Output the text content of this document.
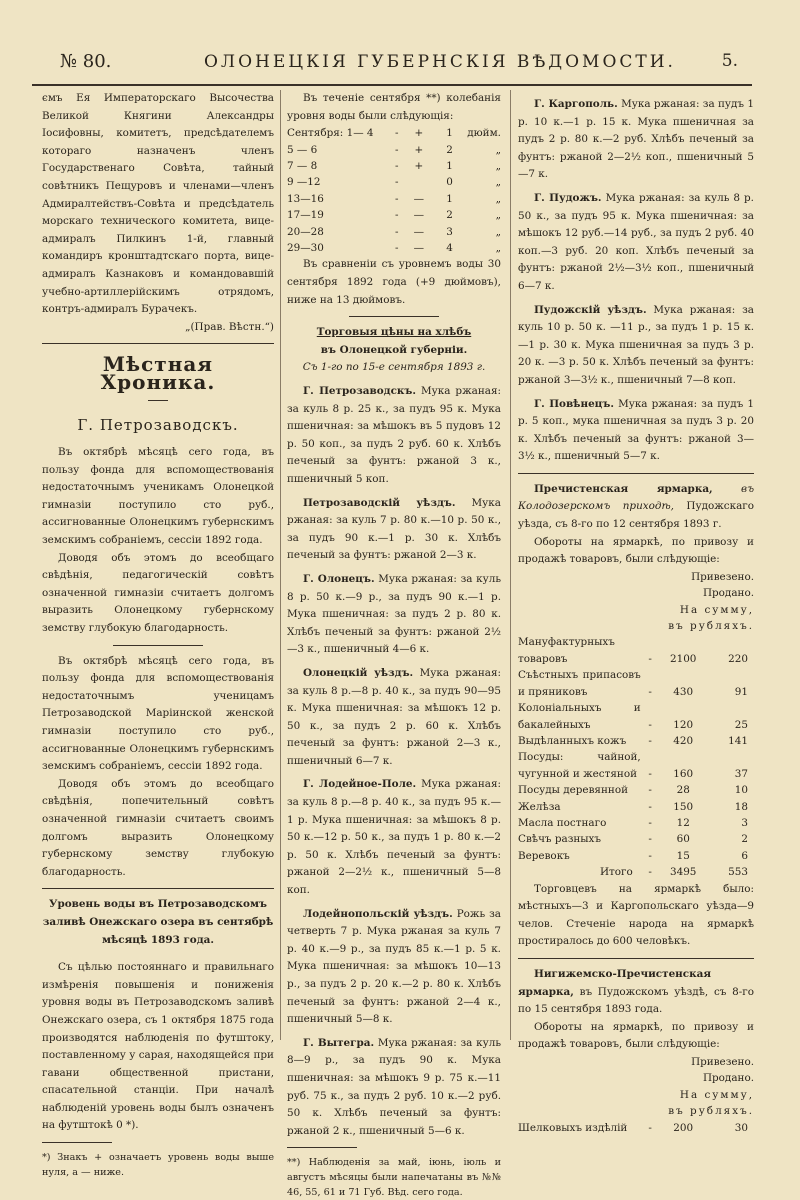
№ 80.	ОЛОНЕЦКІЯ ГУБЕРНСКІЯ ВѢДОМОСТИ.	5.

ємъ Ея Императорскаго Высочества Великой Княгини Александры Іосифовны, комитетъ, предсѣдателемъ котораго назначенъ членъ Государственаго Совѣта, тайный совѣтникъ Пещуровъ и членами—членъ Адмиралтействъ-Совѣта и предсѣдатель морскаго технического комитета, вице-адмиралъ Пилкинъ 1-й, главный командиръ кронштадтскаго порта, вице-адмиралъ Казнаковъ и командовавшій учебно-артиллерійскимъ отрядомъ, контръ-адмиралъ Бурачекъ.

„(Прав. Вѣстн.“)
Мѣстная Хроника.
Г. Петрозаводскъ.

Въ октябрѣ мѣсяцѣ сего года, въ пользу фонда для вспомоществованія недостаточнымъ ученикамъ Олонецкой гимназіи поступило сто руб., ассигнованные Олонецкимъ губернскимъ земскимъ собраніемъ, сессіи 1892 года.

Доводя объ этомъ до всеобщаго свѣдѣнія, педагогическій совѣтъ означенной гимназіи считаетъ долгомъ выразить Олонецкому губернскому земству глубокую благодарность.

Въ октябрѣ мѣсяцѣ сего года, въ пользу фонда для вспомоществованія недостаточнымъ ученицамъ Петрозаводской Маріинской женской гимназіи поступило сто руб., ассигнованные Олонецкимъ губернскимъ земскимъ собраніемъ, сессіи 1892 года.

Доводя объ этомъ до всеобщаго свѣдѣнія, попечительный совѣтъ означенной гимназіи считаетъ своимъ долгомъ выразить Олонецкому губернскому земству глубокую благодарность.

Уровень воды въ Петрозаводскомъ заливѣ Онежскаго озера въ сентябрѣ мѣсяцѣ 1893 года.

Съ цѣлью постояннаго и правильнаго измѣренія повышенія и пониженія уровня воды въ Петрозаводскомъ заливѣ Онежскаго озера, съ 1 октября 1875 года производятся наблюденія по футштоку, поставленному у сарая, находящейся при гавани общественной пристани, спасательной станціи. При началѣ наблюденій уровень воды былъ означенъ на футштокѣ 0 *).

*) Знакъ + означаетъ уровень воды выше нуля, а — ниже.

Въ теченіе сентября **) колебанія уровня воды были слѣдующія:

Сентября: 1— 4	-	+	1	дюйм.
5 — 6	-	+	2	„
7 — 8	-	+	1	„
9 —12	-		0	„
13—16	-	—	1	„
17—19	-	—	2	„
20—28	-	—	3	„
29—30	-	—	4	„

Въ сравненіи съ уровнемъ воды 30 сентября 1892 года (+9 дюймовъ), ниже на 13 дюймовъ.

Торговыя цѣны на хлѣбъ
въ Олонецкой губерніи.
Съ 1-го по 15-е сентября 1893 г.

Г. Петрозаводскъ. Мука ржаная: за куль 8 р. 25 к., за пудъ 95 к. Мука пшеничная: за мѣшокъ въ 5 пудовъ 12 р. 50 коп., за пудъ 2 руб. 60 к. Хлѣбъ печеный за фунтъ: ржаной 3 к., пшеничный 5 коп.

Петрозаводскій уѣздъ. Мука ржаная: за куль 7 р. 80 к.—10 р. 50 к., за пудъ 90 к.—1 р. 30 к. Хлѣбъ печеный за фунтъ: ржаной 2—3 к.

Г. Олонецъ. Мука ржаная: за куль 8 р. 50 к.—9 р., за пудъ 90 к.—1 р. Мука пшеничная: за пудъ 2 р. 80 к. Хлѣбъ печеный за фунтъ: ржаной 2½—3 к., пшеничный 4—6 к.

Олонецкій уѣздъ. Мука ржаная: за куль 8 р.—8 р. 40 к., за пудъ 90—95 к. Мука пшеничная: за мѣшокъ 12 р. 50 к., за пудъ 2 р. 60 к. Хлѣбъ печеный за фунтъ: ржаной 2—3 к., пшеничный 6—7 к.

Г. Лодейное-Поле. Мука ржаная: за куль 8 р.—8 р. 40 к., за пудъ 95 к.—1 р. Мука пшеничная: за мѣшокъ 8 р. 50 к.—12 р. 50 к., за пудъ 1 р. 80 к.—2 р. 50 к. Хлѣбъ печеный за фунтъ: ржаной 2—2½ к., пшеничный 5—8 коп.

Лодейнопольскій уѣздъ. Рожь за четверть 7 р. Мука ржаная за куль 7 р. 40 к.—9 р., за пудъ 85 к.—1 р. 5 к. Мука пшеничная: за мѣшокъ 10—13 р., за пудъ 2 р. 20 к.—2 р. 80 к. Хлѣбъ печеный за фунтъ: ржаной 2—4 к., пшеничный 5—8 к.

Г. Вытегра. Мука ржаная: за куль 8—9 р., за пудъ 90 к. Мука пшеничная: за мѣшокъ 9 р. 75 к.—11 руб. 75 к., за пудъ 2 руб. 10 к.—2 руб. 50 к. Хлѣбъ печеный за фунтъ: ржаной 2 к., пшеничный 5—6 к.

**) Наблюденія за май, іюнь, іюль и августъ мѣсяцы были напечатаны въ №№ 46, 55, 61 и 71 Губ. Вѣд. сего года.

Г. Каргополь. Мука ржаная: за пудъ 1 р. 10 к.—1 р. 15 к. Мука пшеничная за пудъ 2 р. 80 к.—2 руб. Хлѣбъ печеный за фунтъ: ржаной 2—2½ коп., пшеничный 5—7 к.

Г. Пудожъ. Мука ржаная: за куль 8 р. 50 к., за пудъ 95 к. Мука пшеничная: за мѣшокъ 12 руб.—14 руб., за пудъ 2 руб. 40 коп.—3 руб. 20 коп. Хлѣбъ печеный за фунтъ: ржаной 2½—3½ коп., пшеничный 6—7 к.

Пудожскій уѣздъ. Мука ржаная: за куль 10 р. 50 к. —11 р., за пудъ 1 р. 15 к. —1 р. 30 к. Мука пшеничная за пудъ 3 р. 20 к. —3 р. 50 к. Хлѣбъ печеный за фунтъ: ржаной 3—3½ к., пшеничный 7—8 коп.

Г. Повѣнецъ. Мука ржаная: за пудъ 1 р. 5 коп., мука пшеничная за пудъ 3 р. 20 к. Хлѣбъ печеный за фунтъ: ржаной 3—3½ к., пшеничный 5—7 к.

Пречистенская ярмарка,	въ Колодозерскомъ приходѣ, Пудожскаго уѣзда, съ 8-го по 12 сентября 1893 г.

Обороты на ярмаркѣ, по привозу и продажѣ товаровъ, были слѣдующіе:

		Привезено. Продано.	
		На сумму,	
		въ рубляхъ.	
Мануфактурныхъ товаровъ	-	2100	220
Съѣстныхъ припасовъ и пряниковъ	-	430	91
Колоніальныхъ и бакалейныхъ	-	120	25
Выдѣланныхъ кожъ	-	420	141
Посуды: чайной, чугунной и жестяной	-	160	37
Посуды деревянной	-	28	10
Желѣза	-	150	18
Масла постнаго	-	12	3
Свѣчъ разныхъ	-	60	2
Веревокъ	-	15	6
Итого	-	3495	553

Торговцевъ на ярмаркѣ было: мѣстныхъ—3 и Каргопольскаго уѣзда—9 челов. Стеченіе народа на ярмаркѣ простиралось до 600 человѣкъ.

Нигижемско-Пречистенская ярмарка, въ Пудожскомъ уѣздѣ, съ 8-го по 15 сентября 1893 года.

Обороты на ярмаркѣ, по привозу и продажѣ товаровъ, были слѣдующіе:

		Привезено. Продано.	
		На сумму,	
		въ рубляхъ.	
Шелковыхъ издѣлій	-	200	30
